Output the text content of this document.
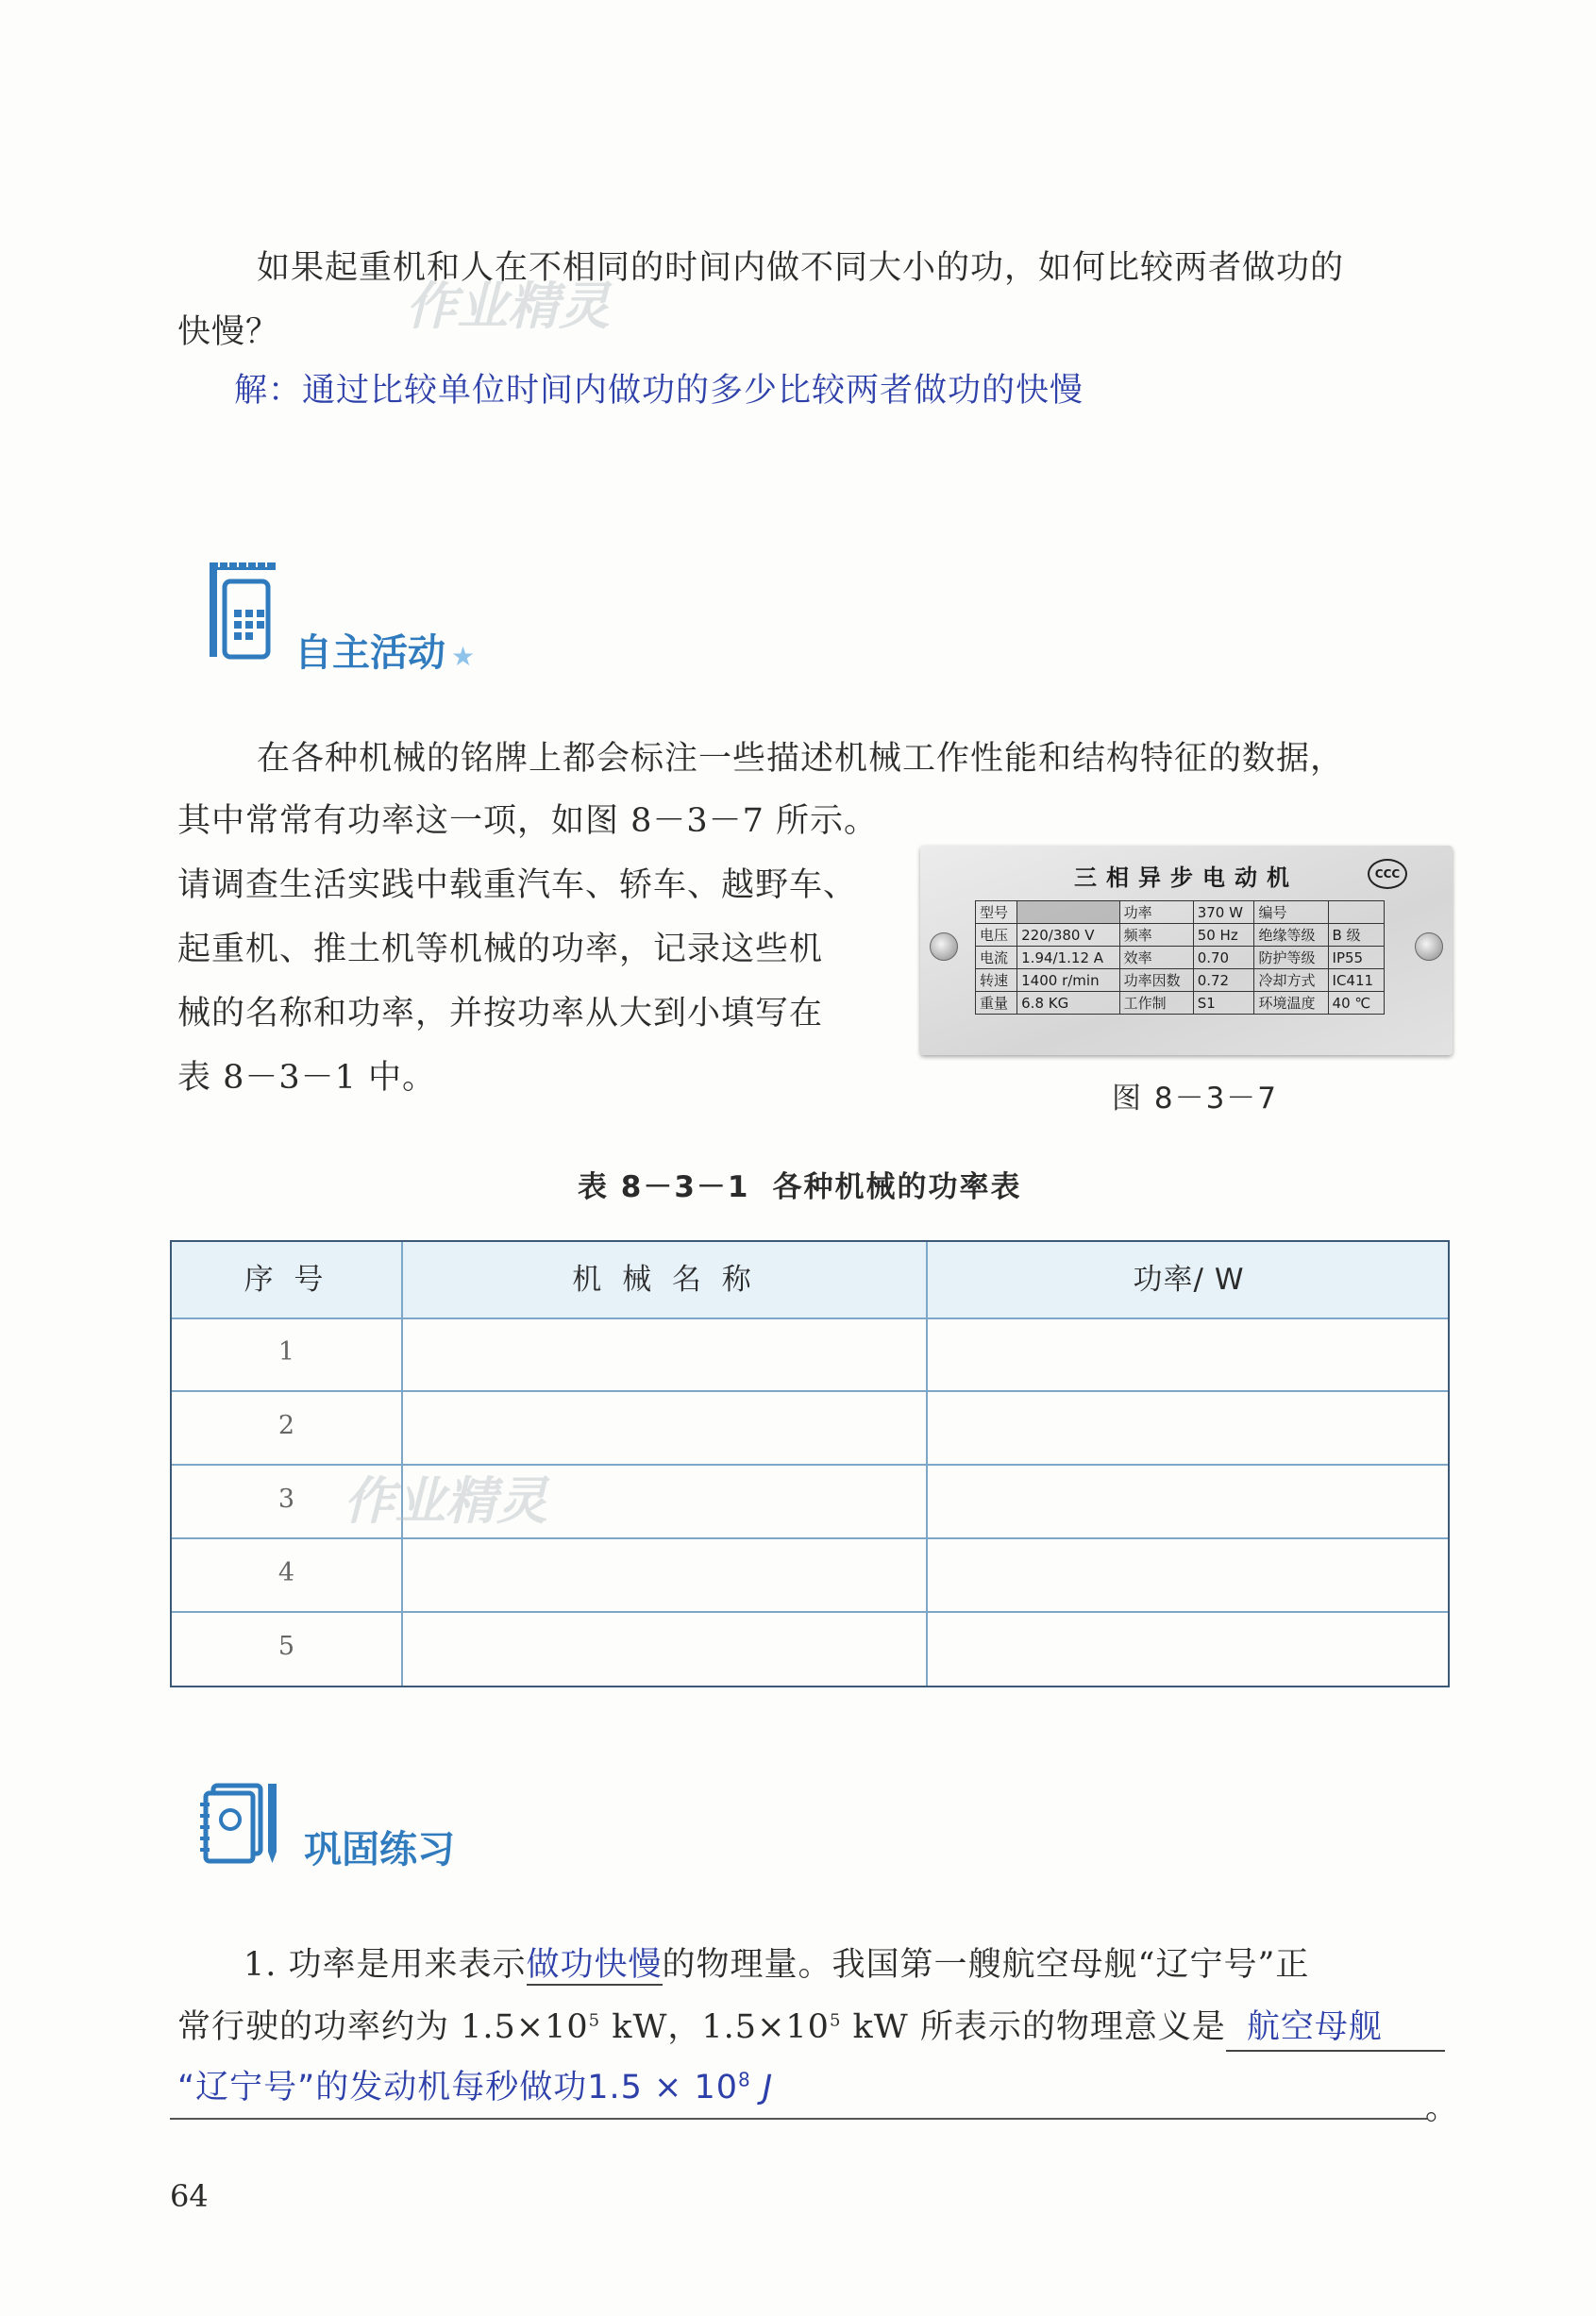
如果起重机和人在不相同的时间内做不同大小的功，如何比较两者做功的
快慢？
解：通过比较单位时间内做功的多少比较两者做功的快慢
作业精灵
自主活动 ★
在各种机械的铭牌上都会标注一些描述机械工作性能和结构特征的数据，
其中常常有功率这一项，如图 8－3－7 所示。
请调查生活实践中载重汽车、轿车、越野车、
起重机、推土机等机械的功率，记录这些机
械的名称和功率，并按功率从大到小填写在
表 8－3－1 中。
三相异步电动机	CCC
型号		功率	370 W	编号	
电压	220/380 V	频率	50 Hz	绝缘等级	B 级
电流	1.94/1.12 A	效率	0.70	防护等级	IP55
转速	1400 r/min	功率因数	0.72	冷却方式	IC411
重量	6.8 KG	工作制	S1	环境温度	40 ℃
图 8－3－7
表 8－3－1 各种机械的功率表
序 号	机 械 名 称	功率/ W
1
2
3
4
5
作业精灵
巩固练习
1. 功率是用来表示做功快慢的物理量。我国第一艘航空母舰“辽宁号”正
常行驶的功率约为 $1.5\times 10^5$ kW，$1.5\times 10^5$ kW 所表示的物理意义是 航空母舰
“辽宁号”的发动机每秒做功$1.5 \times 10^8$ J
。
64
